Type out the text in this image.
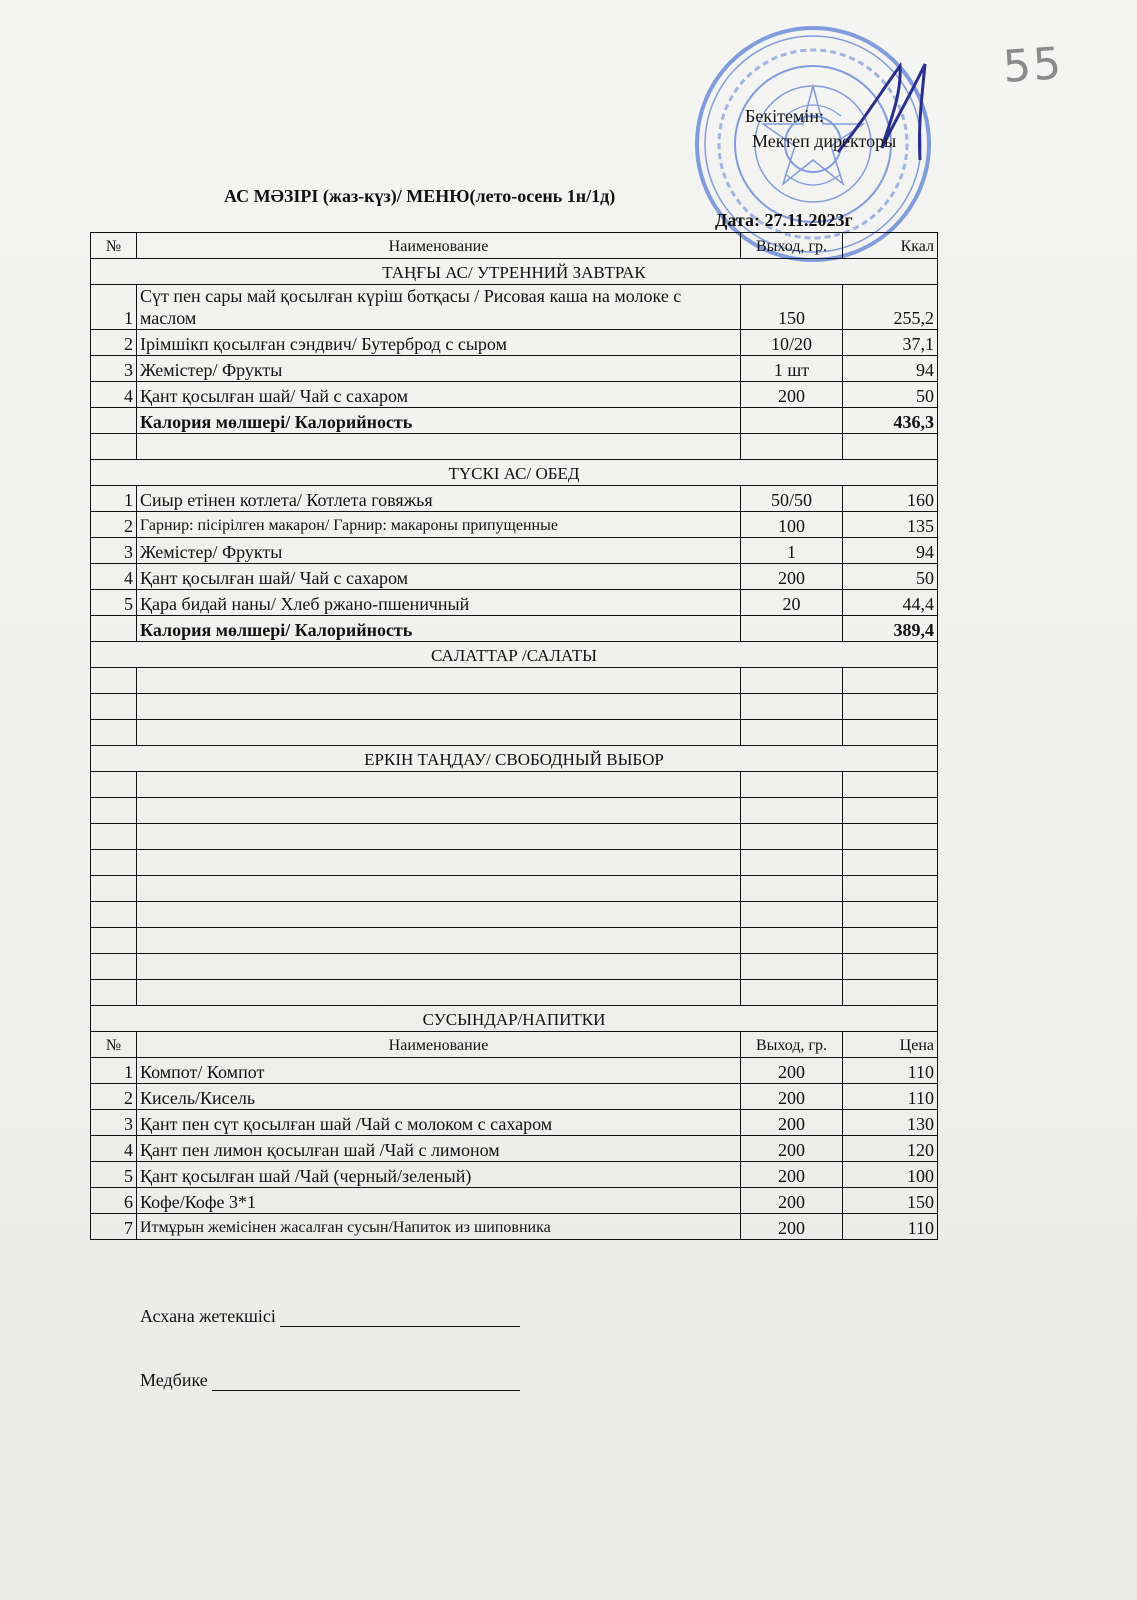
55
Бекітемін:
Мектеп директоры
АС МӘЗІРІ (жаз-күз)/ МЕНЮ(лето-осень 1н/1д)
Дата: 27.11.2023г
№	Наименование	Выход, гр.	Ккал
ТАҢҒЫ АС/ УТРЕННИЙ ЗАВТРАК			
1	Сүт пен сары май қосылған күріш ботқасы / Рисовая каша на молоке с маслом	150	255,2
2	Ірімшікп қосылған сэндвич/ Бутерброд с сыром	10/20	37,1
3	Жемістер/ Фрукты	1 шт	94
4	Қант қосылған шай/ Чай с сахаром	200	50
	Калория мөлшері/ Калорийность		436,3

ТҮСКІ АС/ ОБЕД			
1	Сиыр етінен котлета/ Котлета говяжья	50/50	160
2	Гарнир: пісірілген макарон/ Гарнир: макароны припущенные	100	135
3	Жемістер/ Фрукты	1	94
4	Қант қосылған шай/ Чай с сахаром	200	50
5	Қара бидай наны/ Хлеб ржано-пшеничный	20	44,4
	Калория мөлшері/ Калорийность		389,4
САЛАТТАР /САЛАТЫ			

ЕРКІН ТАҢДАУ/ СВОБОДНЫЙ ВЫБОР			

СУСЫНДАР/НАПИТКИ			
№	Наименование	Выход, гр.	Цена
1	Компот/ Компот	200	110
2	Кисель/Кисель	200	110
3	Қант пен сүт қосылған шай /Чай с молоком с сахаром	200	130
4	Қант пен лимон қосылған шай /Чай с лимоном	200	120
5	Қант қосылған шай /Чай (черный/зеленый)	200	100
6	Кофе/Кофе 3*1	200	150
7	Итмұрын жемісінен жасалған сусын/Напиток из шиповника	200	110
Асхана жетекшісі
Медбике
